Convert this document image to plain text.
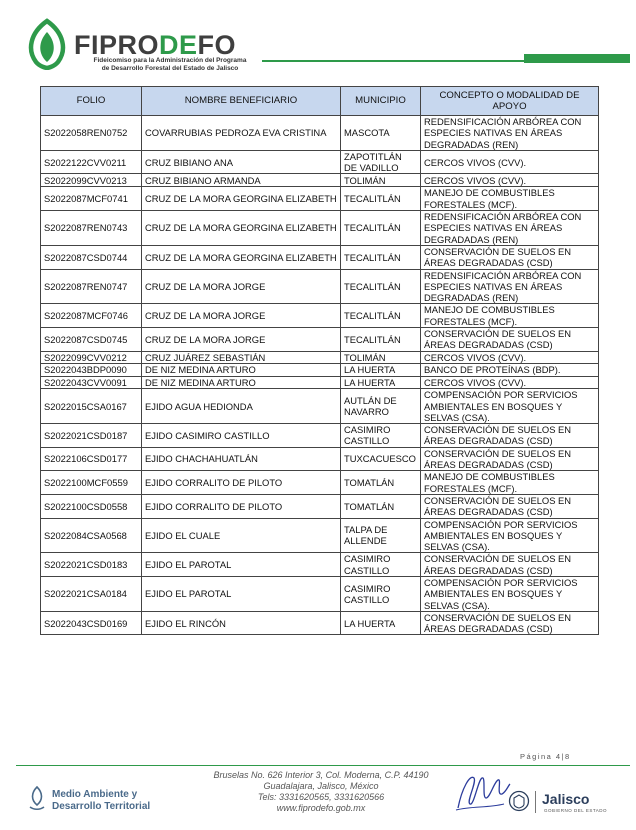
FIPRODEFO
Fideicomiso para la Administración del Programa
de Desarrollo Forestal del Estado de Jalisco
FOLIO	NOMBRE BENEFICIARIO	MUNICIPIO	CONCEPTO O MODALIDAD DE APOYO
S2022058REN0752	COVARRUBIAS PEDROZA EVA CRISTINA	MASCOTA	REDENSIFICACIÓN ARBÓREA CON ESPECIES NATIVAS EN ÁREAS DEGRADADAS (REN)
S2022122CVV0211	CRUZ BIBIANO ANA	ZAPOTITLÁN DE VADILLO	CERCOS VIVOS (CVV).
S2022099CVV0213	CRUZ BIBIANO ARMANDA	TOLIMÁN	CERCOS VIVOS (CVV).
S2022087MCF0741	CRUZ DE LA MORA GEORGINA ELIZABETH	TECALITLÁN	MANEJO DE COMBUSTIBLES FORESTALES (MCF).
S2022087REN0743	CRUZ DE LA MORA GEORGINA ELIZABETH	TECALITLÁN	REDENSIFICACIÓN ARBÓREA CON ESPECIES NATIVAS EN ÁREAS DEGRADADAS (REN)
S2022087CSD0744	CRUZ DE LA MORA GEORGINA ELIZABETH	TECALITLÁN	CONSERVACIÓN DE SUELOS EN ÁREAS DEGRADADAS (CSD)
S2022087REN0747	CRUZ DE LA MORA JORGE	TECALITLÁN	REDENSIFICACIÓN ARBÓREA CON ESPECIES NATIVAS EN ÁREAS DEGRADADAS (REN)
S2022087MCF0746	CRUZ DE LA MORA JORGE	TECALITLÁN	MANEJO DE COMBUSTIBLES FORESTALES (MCF).
S2022087CSD0745	CRUZ DE LA MORA JORGE	TECALITLÁN	CONSERVACIÓN DE SUELOS EN ÁREAS DEGRADADAS (CSD)
S2022099CVV0212	CRUZ JUÁREZ SEBASTIÁN	TOLIMÁN	CERCOS VIVOS (CVV).
S2022043BDP0090	DE NIZ MEDINA ARTURO	LA HUERTA	BANCO DE PROTEÍNAS (BDP).
S2022043CVV0091	DE NIZ MEDINA ARTURO	LA HUERTA	CERCOS VIVOS (CVV).
S2022015CSA0167	EJIDO AGUA HEDIONDA	AUTLÁN DE NAVARRO	COMPENSACIÓN POR SERVICIOS AMBIENTALES EN BOSQUES Y SELVAS (CSA).
S2022021CSD0187	EJIDO CASIMIRO CASTILLO	CASIMIRO CASTILLO	CONSERVACIÓN DE SUELOS EN ÁREAS DEGRADADAS (CSD)
S2022106CSD0177	EJIDO CHACHAHUATLÁN	TUXCACUESCO	CONSERVACIÓN DE SUELOS EN ÁREAS DEGRADADAS (CSD)
S2022100MCF0559	EJIDO CORRALITO DE PILOTO	TOMATLÁN	MANEJO DE COMBUSTIBLES FORESTALES (MCF).
S2022100CSD0558	EJIDO CORRALITO DE PILOTO	TOMATLÁN	CONSERVACIÓN DE SUELOS EN ÁREAS DEGRADADAS (CSD)
S2022084CSA0568	EJIDO EL CUALE	TALPA DE ALLENDE	COMPENSACIÓN POR SERVICIOS AMBIENTALES EN BOSQUES Y SELVAS (CSA).
S2022021CSD0183	EJIDO EL PAROTAL	CASIMIRO CASTILLO	CONSERVACIÓN DE SUELOS EN ÁREAS DEGRADADAS (CSD)
S2022021CSA0184	EJIDO EL PAROTAL	CASIMIRO CASTILLO	COMPENSACIÓN POR SERVICIOS AMBIENTALES EN BOSQUES Y SELVAS (CSA).
S2022043CSD0169	EJIDO EL RINCÓN	LA HUERTA	CONSERVACIÓN DE SUELOS EN ÁREAS DEGRADADAS (CSD)
Página 4|8
Medio Ambiente y
Desarrollo Territorial
Bruselas No. 626 Interior 3, Col. Moderna, C.P. 44190
Guadalajara, Jalisco, México
Tels: 3331620565, 3331620566
www.fiprodefo.gob.mx
Jalisco
GOBIERNO DEL ESTADO
